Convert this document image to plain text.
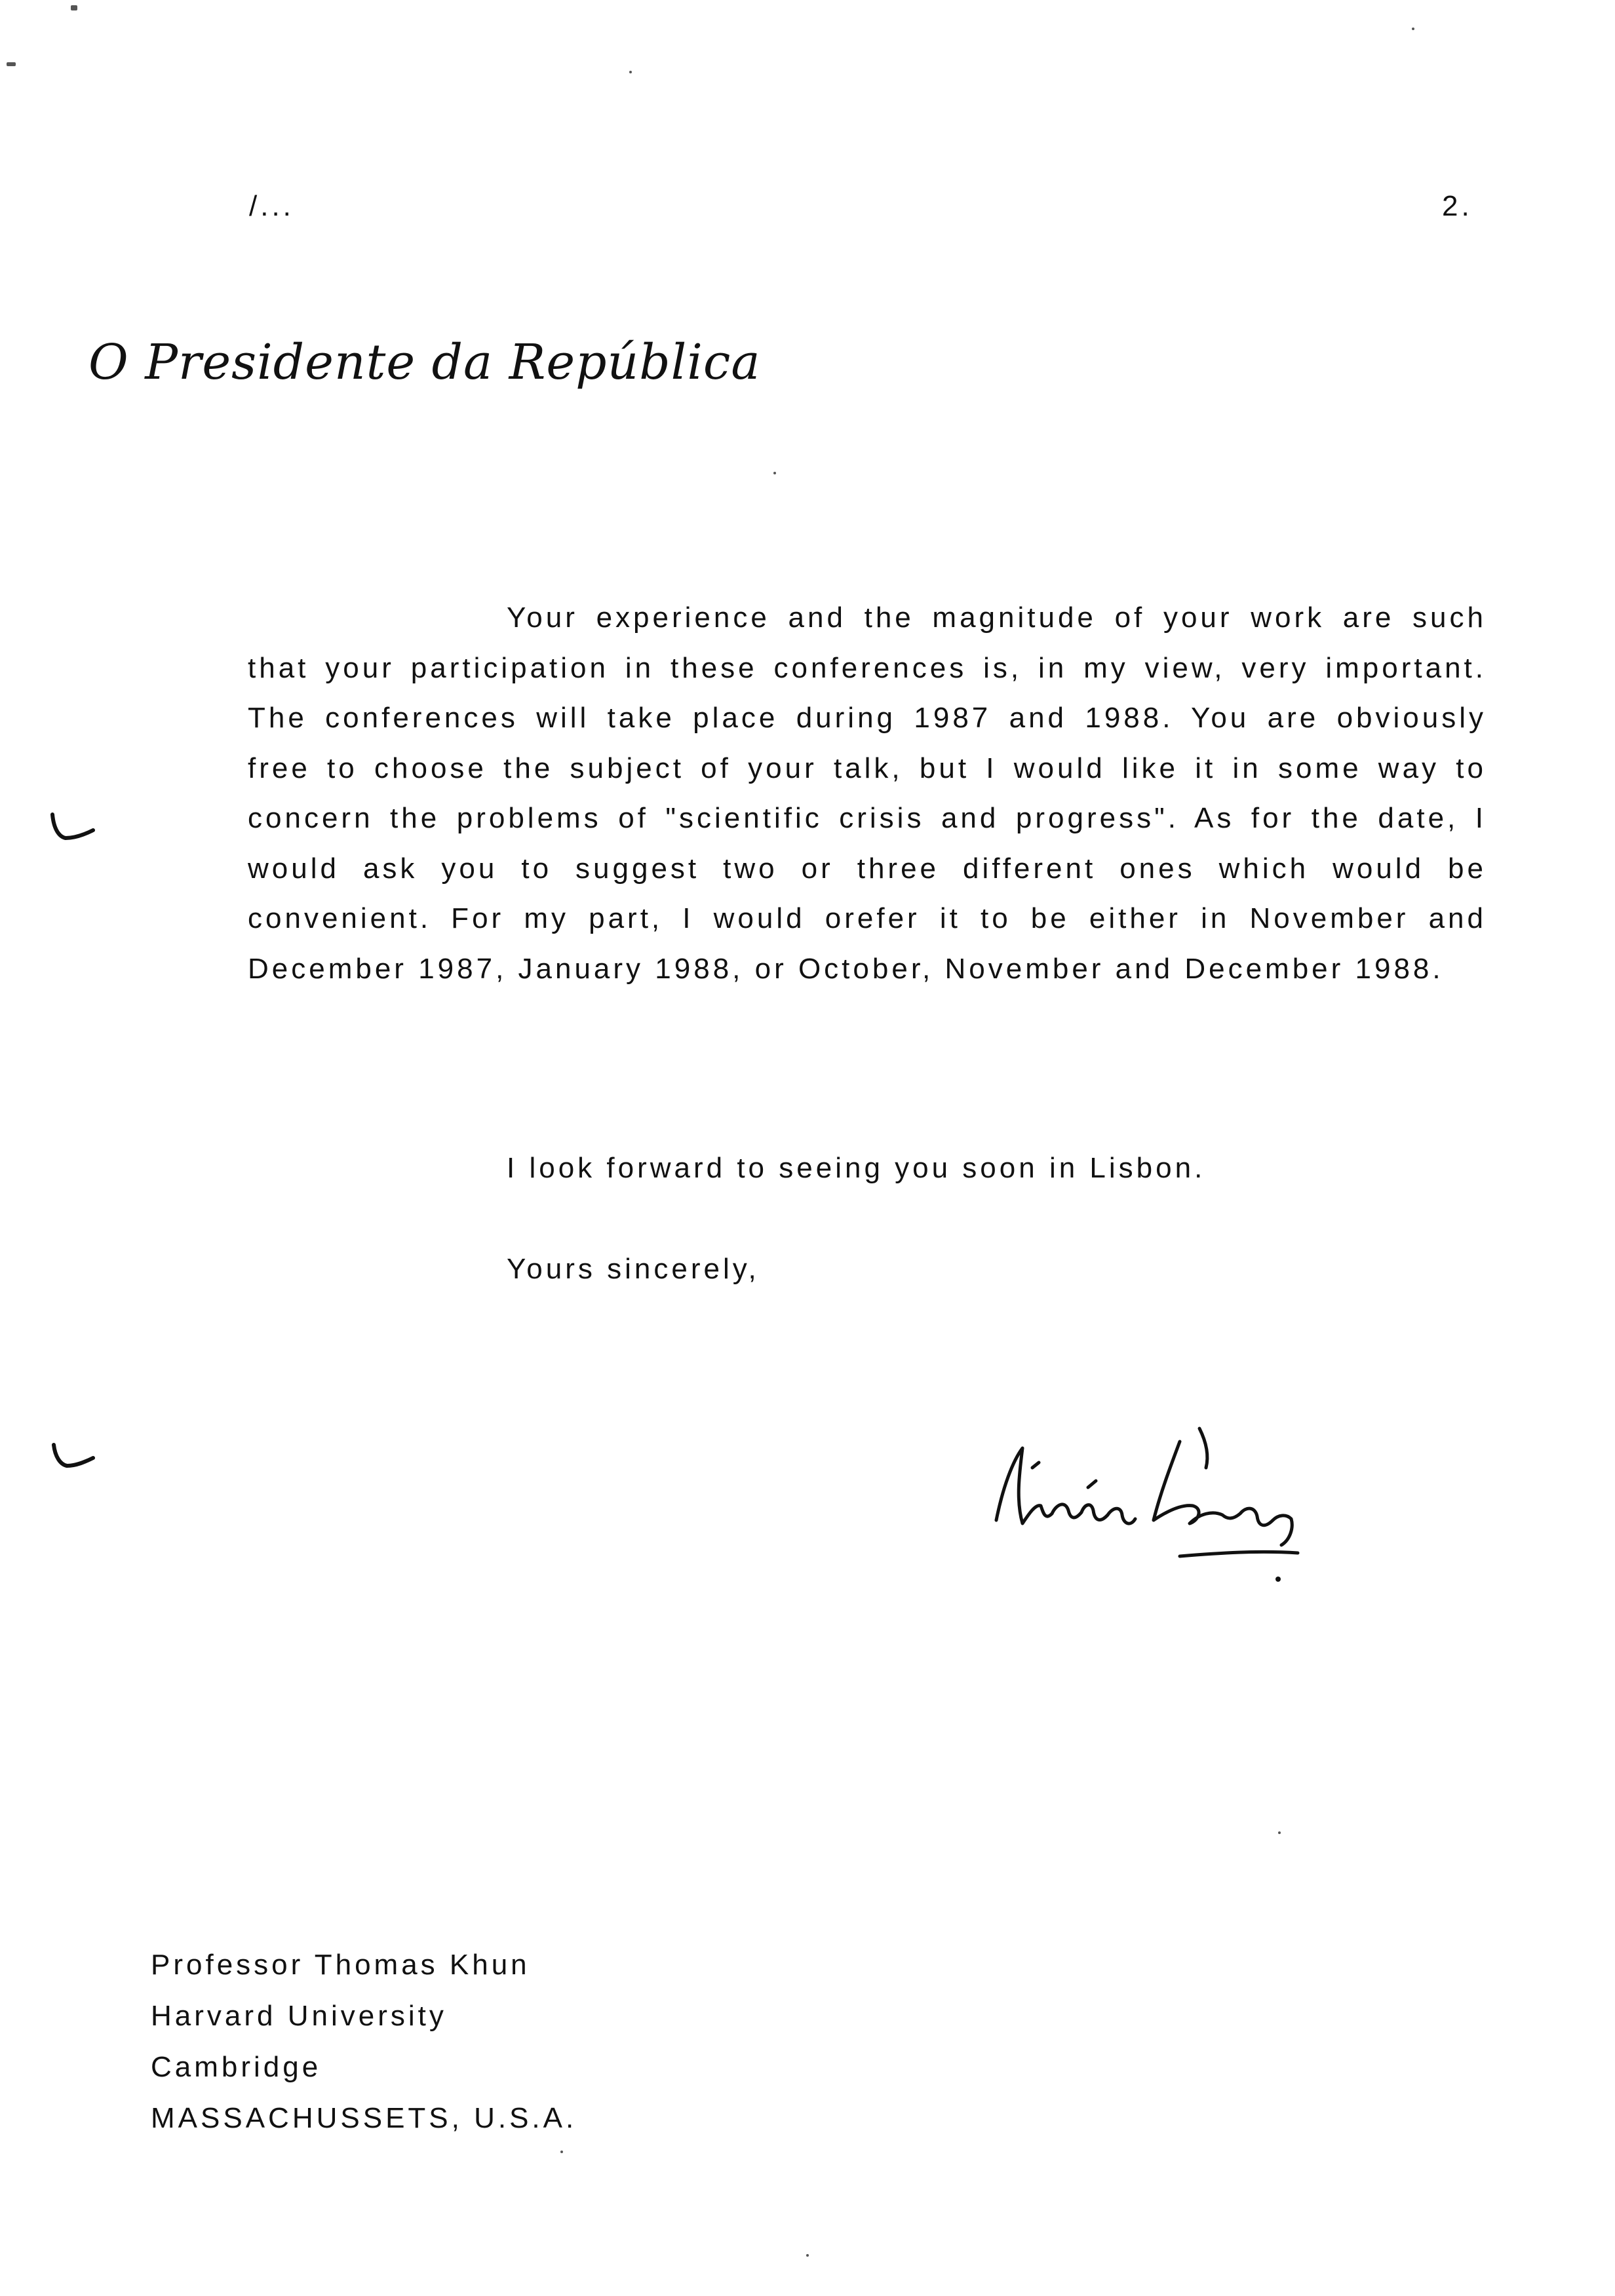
/...	2.
O Presidente da República
Your experience and the magnitude of your work are such that your participation in these conferences is, in my view, very important. The conferences will take place during 1987 and 1988. You are obviously free to choose the subject of your talk, but I would like it in some way to concern the problems of "scientific crisis and progress". As for the date, I would ask you to suggest two or three different ones which would be convenient. For my part, I would orefer it to be either in November and December 1987, January 1988, or October, November and December 1988.
I look forward to seeing you soon in Lisbon.
Yours sincerely,
Professor Thomas Khun
Harvard University
Cambridge
MASSACHUSSETS, U.S.A.
